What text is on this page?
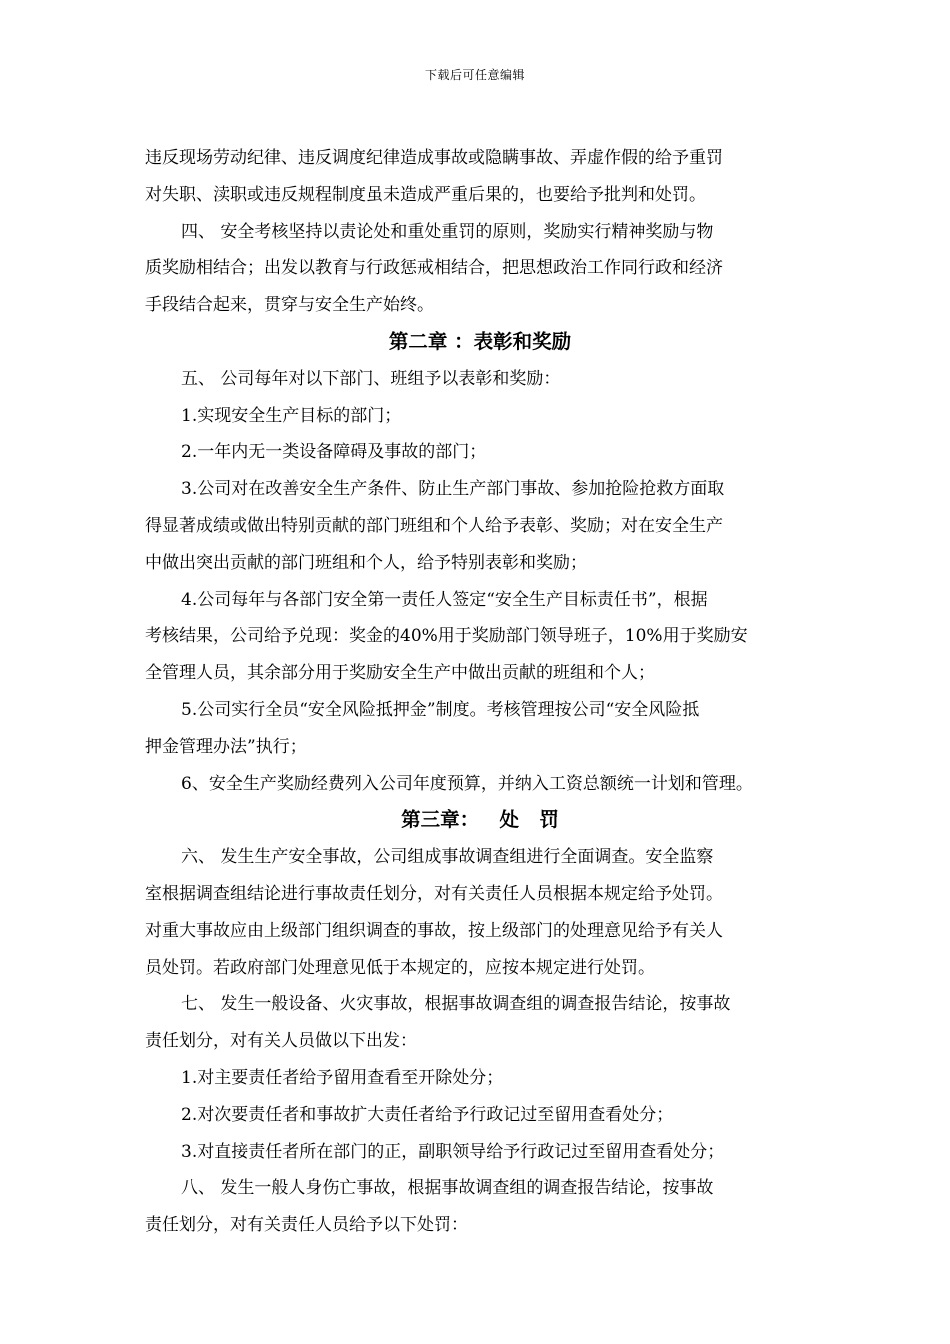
下载后可任意编辑
违反现场劳动纪律、违反调度纪律造成事故或隐瞒事故、弄虚作假的给予重罚
对失职、渎职或违反规程制度虽未造成严重后果的，也要给予批判和处罚。
四、 安全考核坚持以责论处和重处重罚的原则，奖励实行精神奖励与物
质奖励相结合；出发以教育与行政惩戒相结合，把思想政治工作同行政和经济
手段结合起来，贯穿与安全生产始终。
第二章 ：表彰和奖励
五、 公司每年对以下部门、班组予以表彰和奖励：
1.实现安全生产目标的部门；
2.一年内无一类设备障碍及事故的部门；
3.公司对在改善安全生产条件、防止生产部门事故、参加抢险抢救方面取
得显著成绩或做出特别贡献的部门班组和个人给予表彰、奖励；对在安全生产
中做出突出贡献的部门班组和个人，给予特别表彰和奖励；
4.公司每年与各部门安全第一责任人签定“安全生产目标责任书”，根据
考核结果，公司给予兑现：奖金的40%用于奖励部门领导班子，10%用于奖励安
全管理人员，其余部分用于奖励安全生产中做出贡献的班组和个人；
5.公司实行全员“安全风险抵押金”制度。考核管理按公司“安全风险抵
押金管理办法”执行；
6、安全生产奖励经费列入公司年度预算，并纳入工资总额统一计划和管理。
第三章：   处   罚
六、 发生生产安全事故，公司组成事故调查组进行全面调查。安全监察
室根据调查组结论进行事故责任划分，对有关责任人员根据本规定给予处罚。
对重大事故应由上级部门组织调查的事故，按上级部门的处理意见给予有关人
员处罚。若政府部门处理意见低于本规定的，应按本规定进行处罚。
七、 发生一般设备、火灾事故，根据事故调查组的调查报告结论，按事故
责任划分，对有关人员做以下出发：
1.对主要责任者给予留用查看至开除处分；
2.对次要责任者和事故扩大责任者给予行政记过至留用查看处分；
3.对直接责任者所在部门的正，副职领导给予行政记过至留用查看处分；
八、 发生一般人身伤亡事故，根据事故调查组的调查报告结论，按事故
责任划分，对有关责任人员给予以下处罚：
